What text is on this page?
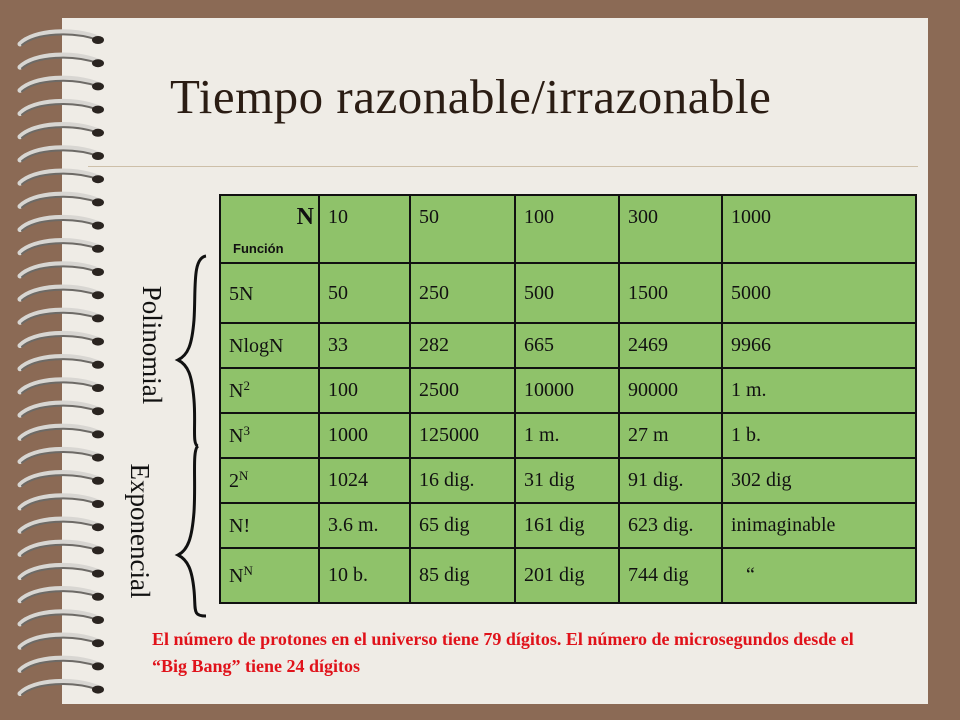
Tiempo razonable/irrazonable
Polinomial
Exponencial
N
Función	10	50	100	300	1000
5N	50	250	500	1500	5000
NlogN	33	282	665	2469	9966
$N^2$	100	2500	10000	90000	1 m.
$N^3$	1000	125000	1 m.	27 m	1 b.
$2^N$	1024	16 dig.	31 dig	91 dig.	302 dig
N!	3.6 m.	65 dig	161 dig	623 dig.	inimaginable
$N^N$	10 b.	85 dig	201 dig	744 dig	“
El número de protones en el universo tiene 79 dígitos. El número de microsegundos desde el “Big Bang” tiene 24 dígitos
